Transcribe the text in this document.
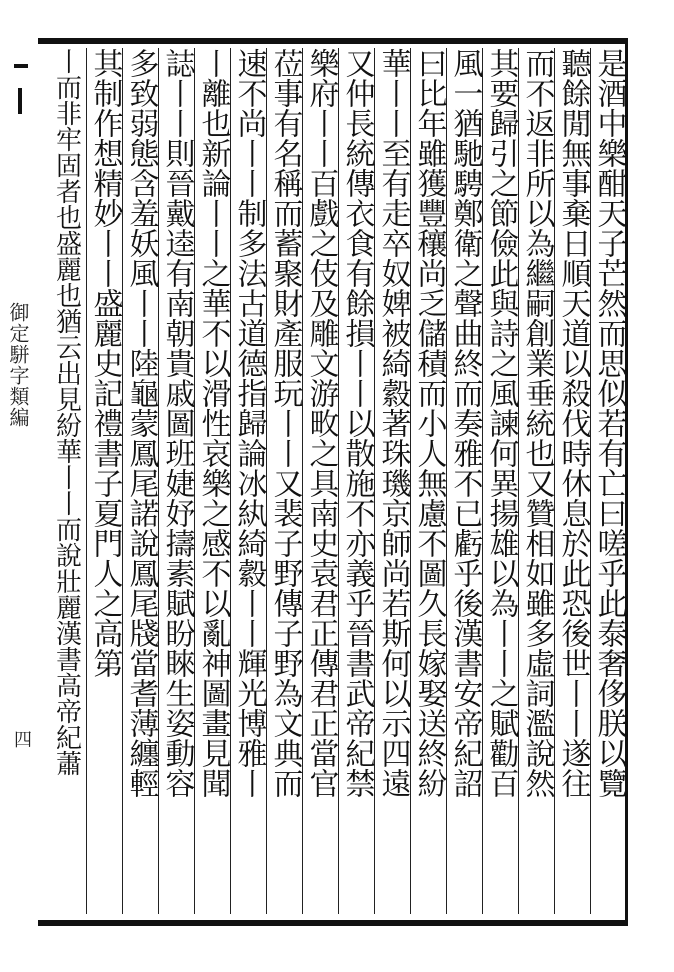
御定駢字類編
四	是酒中樂酣天子芒然而思似若有亡曰嗟乎此泰奢侈朕以覽
聽餘閒無事棄日順天道以殺伐時休息於此恐後世丨丨遂往
而不返非所以為繼嗣創業垂統也又贊相如雖多虛詞濫說然
其要歸引之節儉此與詩之風諫何異揚雄以為丨丨之賦勸百
風一猶馳騁鄭衛之聲曲終而奏雅不已虧乎後漢書安帝紀詔
曰比年雖獲豐穰尚乏儲積而小人無慮不圖久長嫁娶送終紛
華丨丨至有走卒奴婢被綺縠著珠璣京師尚若斯何以示四遠
又仲長統傳衣食有餘損丨丨以散施不亦義乎晉書武帝紀禁
樂府丨丨百戲之伎及雕文游畋之具南史袁君正傳君正當官
莅事有名稱而蓄聚財產服玩丨丨又裴子野傳子野為文典而
速不尚丨丨制多法古道德指歸論冰紈綺縠丨丨輝光博雅丨
丨離也新論丨丨之華不以滑性哀樂之感不以亂神圖畫見聞
誌丨丨則晉戴逵有南朝貴戚圖班婕妤擣素賦盼睞生姿動容
多致弱態含羞妖風丨丨陸龜蒙鳳尾諾說鳳尾牋當耆薄纏輕
其制作想精妙丨丨盛麗史記禮書子夏門人之高第
丨而非牢固者也盛麗也猶云出見紛華丨丨而說壯麗漢書高帝紀蕭
